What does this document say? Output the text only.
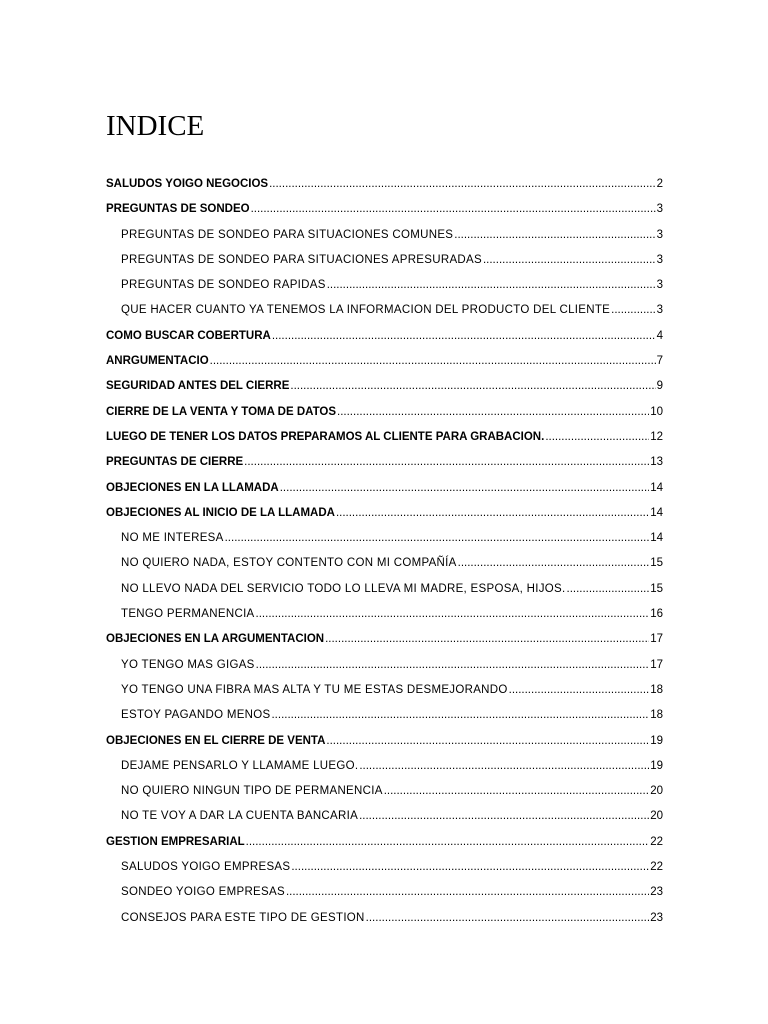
INDICE
SALUDOS YOIGO NEGOCIOS .....	2
PREGUNTAS DE SONDEO .....	3
PREGUNTAS DE SONDEO PARA SITUACIONES COMUNES .....	3
PREGUNTAS DE SONDEO PARA SITUACIONES APRESURADAS .....	3
PREGUNTAS DE SONDEO RAPIDAS .....	3
QUE HACER CUANTO YA TENEMOS LA INFORMACION DEL PRODUCTO DEL CLIENTE .....	3
COMO BUSCAR COBERTURA .....	4
ANRGUMENTACIO .....	7
SEGURIDAD ANTES DEL CIERRE .....	9
CIERRE DE LA VENTA Y TOMA DE DATOS .....	10
LUEGO DE TENER LOS DATOS PREPARAMOS AL CLIENTE PARA GRABACION. .....	12
PREGUNTAS DE CIERRE .....	13
OBJECIONES EN LA LLAMADA .....	14
OBJECIONES AL INICIO DE LA LLAMADA .....	14
NO ME INTERESA .....	14
NO QUIERO NADA, ESTOY CONTENTO CON MI COMPAÑÍA .....	15
NO LLEVO NADA DEL SERVICIO TODO LO LLEVA MI MADRE, ESPOSA, HIJOS. .....	15
TENGO PERMANENCIA .....	16
OBJECIONES EN LA ARGUMENTACION .....	17
YO TENGO MAS GIGAS .....	17
YO TENGO UNA FIBRA MAS ALTA Y TU ME ESTAS DESMEJORANDO .....	18
ESTOY PAGANDO MENOS .....	18
OBJECIONES EN EL CIERRE DE VENTA .....	19
DEJAME PENSARLO Y LLAMAME LUEGO. .....	19
NO QUIERO NINGUN TIPO DE PERMANENCIA .....	20
NO TE VOY A DAR LA CUENTA BANCARIA .....	20
GESTION EMPRESARIAL .....	22
SALUDOS YOIGO EMPRESAS .....	22
SONDEO YOIGO EMPRESAS .....	23
CONSEJOS PARA ESTE TIPO DE GESTION .....	23
